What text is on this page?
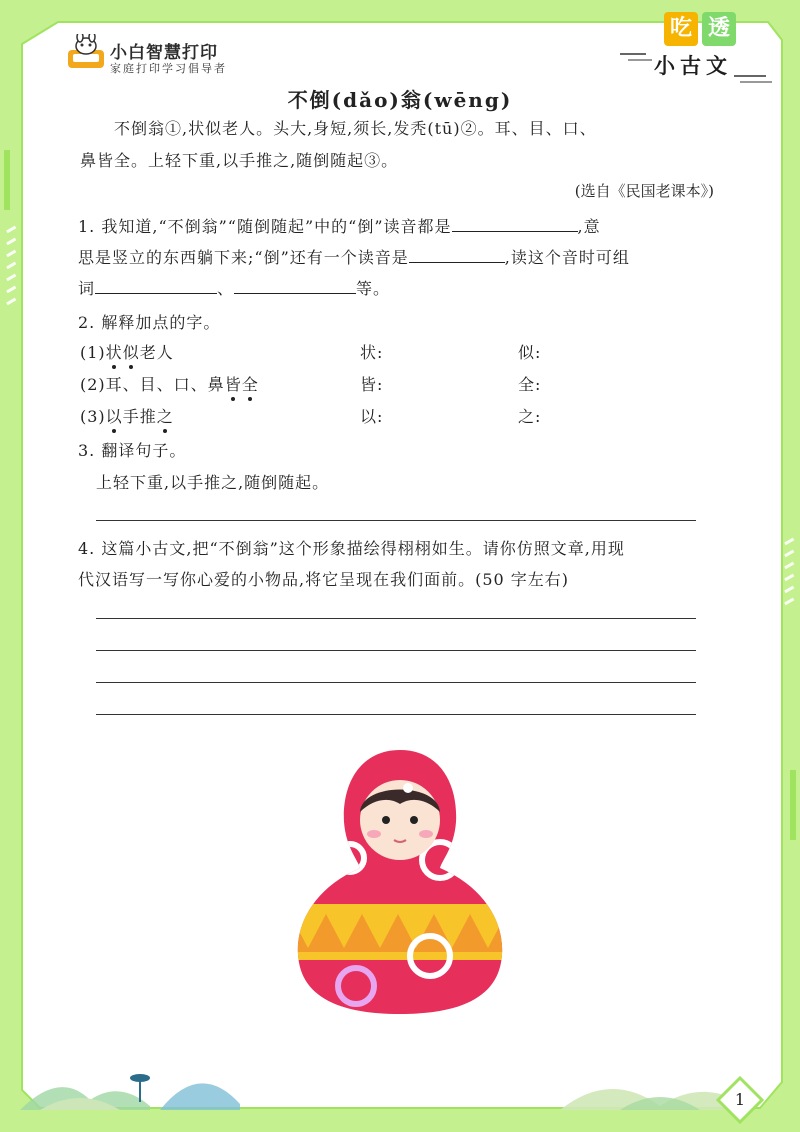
小白智慧打印
家庭打印学习倡导者
吃 透
小古文
不倒(dǎo)翁(wēng)
不倒翁①,状似老人。头大,身短,须长,发秃(tū)②。耳、目、口、
鼻皆全。上轻下重,以手推之,随倒随起③。
(选自《民国老课本》)
1. 我知道,“不倒翁”“随倒随起”中的“倒”读音都是	,意
思是竖立的东西躺下来;“倒”还有一个读音是	,读这个音时可组
词	、	等。
2. 解释加点的字。
(1)状似老人	状:	似:
(2)耳、目、口、鼻皆全	皆:	全:
(3)以手推之	以:	之:
3. 翻译句子。
上轻下重,以手推之,随倒随起。
4. 这篇小古文,把“不倒翁”这个形象描绘得栩栩如生。请你仿照文章,用现
代汉语写一写你心爱的小物品,将它呈现在我们面前。(50 字左右)
1
